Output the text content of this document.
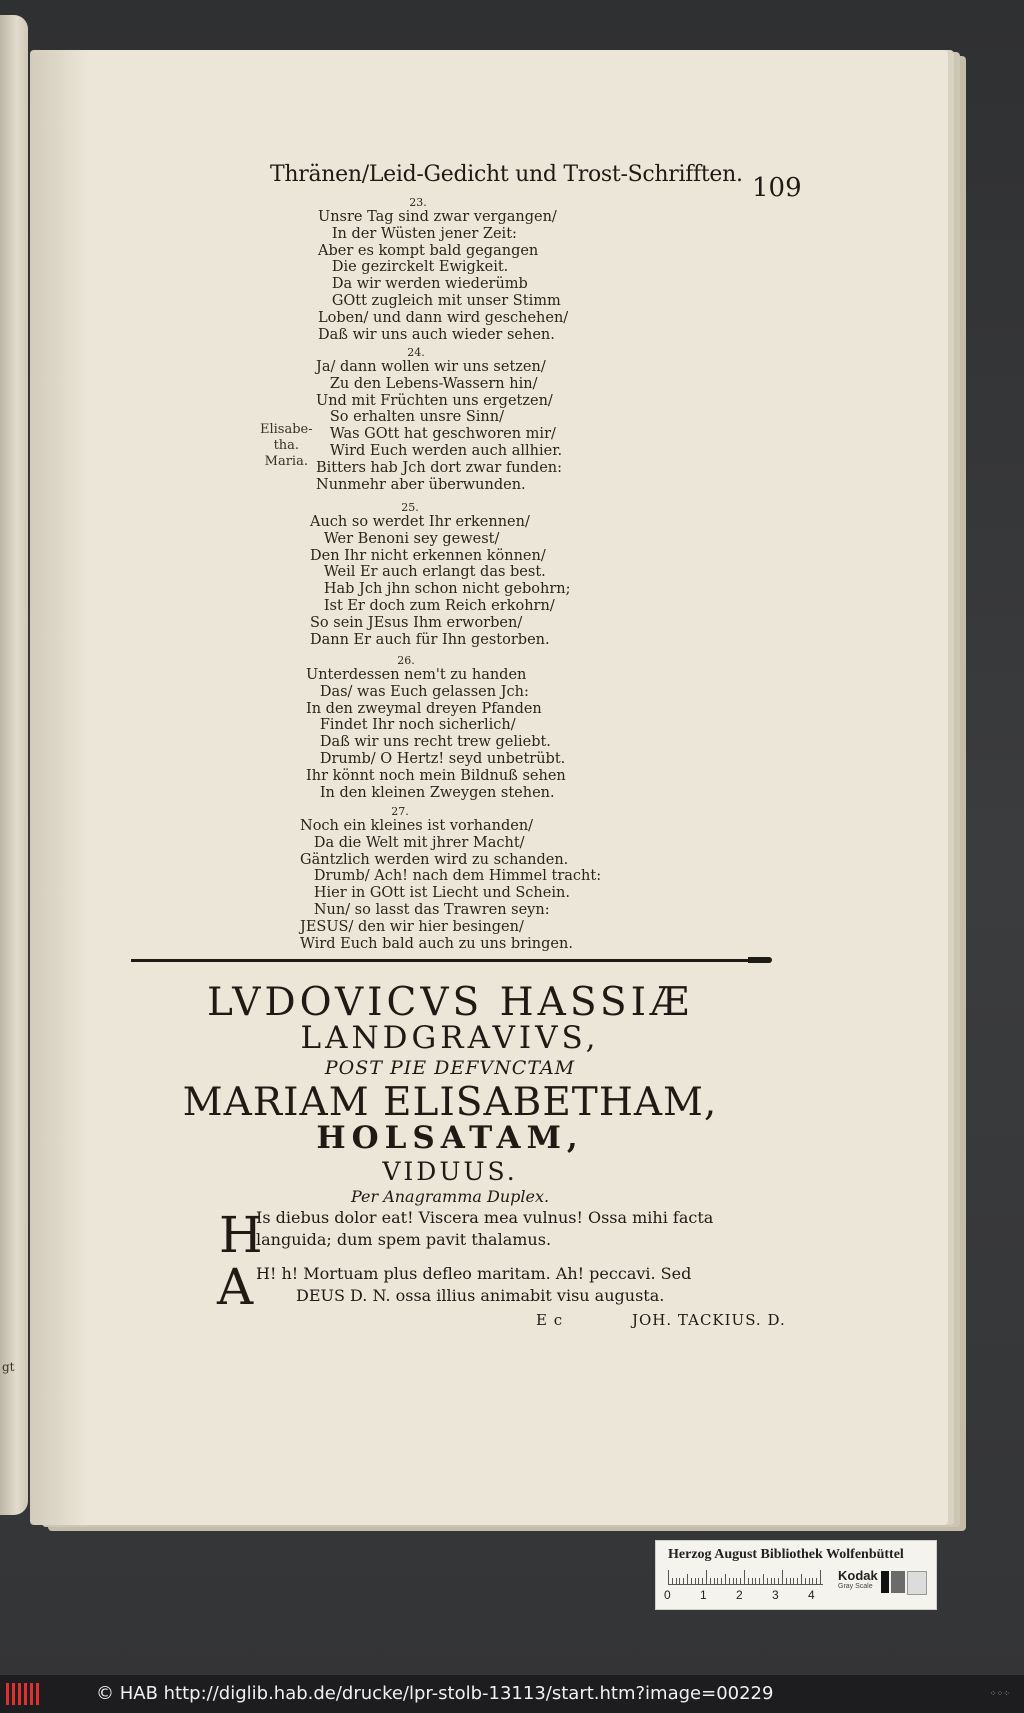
gt
Thränen/Leid-Gedicht und Trost-Schrifften. 109
23.
Unsre Tag sind zwar vergangen/
In der Wüsten jener Zeit:
Aber es kompt bald gegangen
Die gezirckelt Ewigkeit.
Da wir werden wiederümb
GOtt zugleich mit unser Stimm
Loben/ und dann wird geschehen/
Daß wir uns auch wieder sehen.
24.
Ja/ dann wollen wir uns setzen/
Zu den Lebens-Wassern hin/
Und mit Früchten uns ergetzen/
So erhalten unsre Sinn/
Was GOtt hat geschworen mir/
Wird Euch werden auch allhier.
Bitters hab Jch dort zwar funden:
Nunmehr aber überwunden.
25.
Auch so werdet Ihr erkennen/
Wer Benoni sey gewest/
Den Ihr nicht erkennen können/
Weil Er auch erlangt das best.
Hab Jch jhn schon nicht gebohrn;
Ist Er doch zum Reich erkohrn/
So sein JEsus Ihm erworben/
Dann Er auch für Ihn gestorben.
26.
Unterdessen nem't zu handen
Das/ was Euch gelassen Jch:
In den zweymal dreyen Pfanden
Findet Ihr noch sicherlich/
Daß wir uns recht trew geliebt.
Drumb/ O Hertz! seyd unbetrübt.
Ihr könnt noch mein Bildnuß sehen
In den kleinen Zweygen stehen.
27.
Noch ein kleines ist vorhanden/
Da die Welt mit jhrer Macht/
Gäntzlich werden wird zu schanden.
Drumb/ Ach! nach dem Himmel tracht:
Hier in GOtt ist Liecht und Schein.
Nun/ so lasst das Trawren seyn:
JESUS/ den wir hier besingen/
Wird Euch bald auch zu uns bringen.
Elisabe-
tha.
Maria.
LVDOVICVS HASSIÆ
LANDGRAVIVS,
POST PIE DEFVNCTAM
MARIAM ELISABETHAM,
HOLSATAM,
VIDUUS.
Per Anagramma Duplex.
H
Is diebus dolor eat! Viscera mea vulnus! Ossa mihi facta
languida; dum spem pavit thalamus.
A H! h! Mortuam plus defleo maritam. Ah! peccavi. Sed
DEUS D. N. ossa illius animabit visu augusta.
E c	JOH. TACKIUS. D.
Herzog August Bibliothek Wolfenbüttel
0 1 2 3 4
Kodak
Gray Scale
© HAB http://diglib.hab.de/drucke/lpr-stolb-13113/start.htm?image=00229	⁘⁘⁘
